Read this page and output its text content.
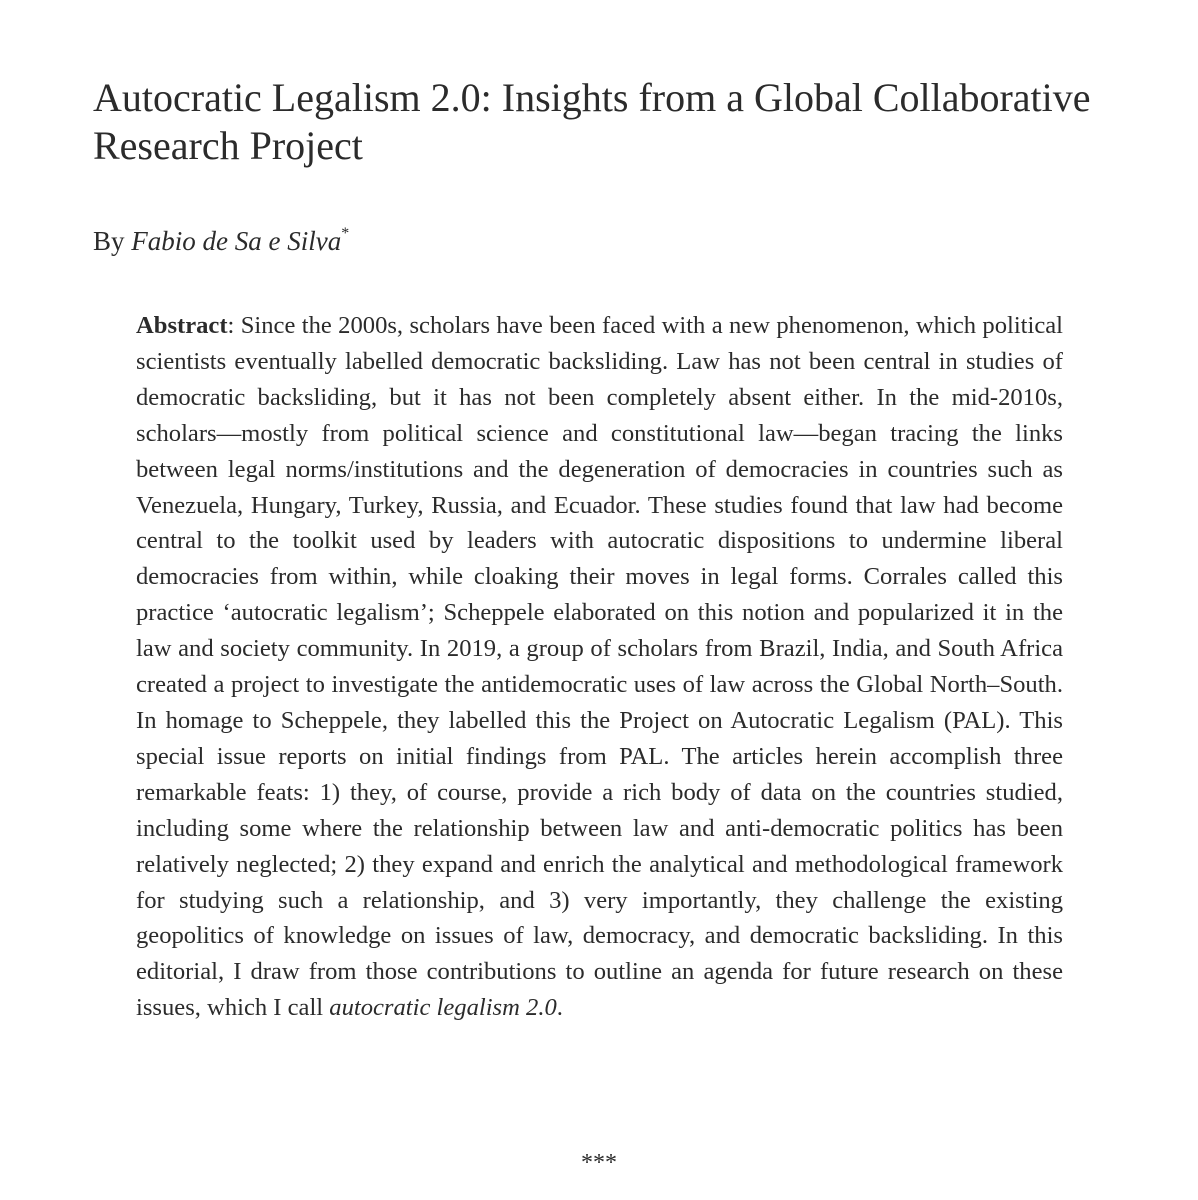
Autocratic Legalism 2.0: Insights from a Global Collaborative Research Project

By Fabio de Sa e Silva*

Abstract: Since the 2000s, scholars have been faced with a new phenomenon, which political scientists eventually labelled democratic backsliding. Law has not been central in studies of democratic backsliding, but it has not been completely absent either. In the mid-2010s, scholars—mostly from political science and constitutional law—began tracing the links between legal norms/institutions and the degeneration of democracies in countries such as Venezuela, Hungary, Turkey, Russia, and Ecuador. These studies found that law had become central to the toolkit used by leaders with autocratic dispositions to undermine liberal democracies from within, while cloaking their moves in legal forms. Corrales called this practice ‘autocratic legalism’; Scheppele elaborated on this notion and popularized it in the law and society community. In 2019, a group of scholars from Brazil, India, and South Africa created a project to investigate the antidemocratic uses of law across the Global North–South. In homage to Scheppele, they labelled this the Project on Autocratic Legalism (PAL). This special issue reports on initial findings from PAL. The articles herein accomplish three remarkable feats: 1) they, of course, provide a rich body of data on the countries studied, including some where the relationship between law and anti-democratic politics has been relatively neglected; 2) they expand and enrich the analytical and methodological framework for studying such a relationship, and 3) very importantly, they challenge the existing geopolitics of knowledge on issues of law, democracy, and democratic backsliding. In this editorial, I draw from those contributions to outline an agenda for future research on these issues, which I call autocratic legalism 2.0.

***
